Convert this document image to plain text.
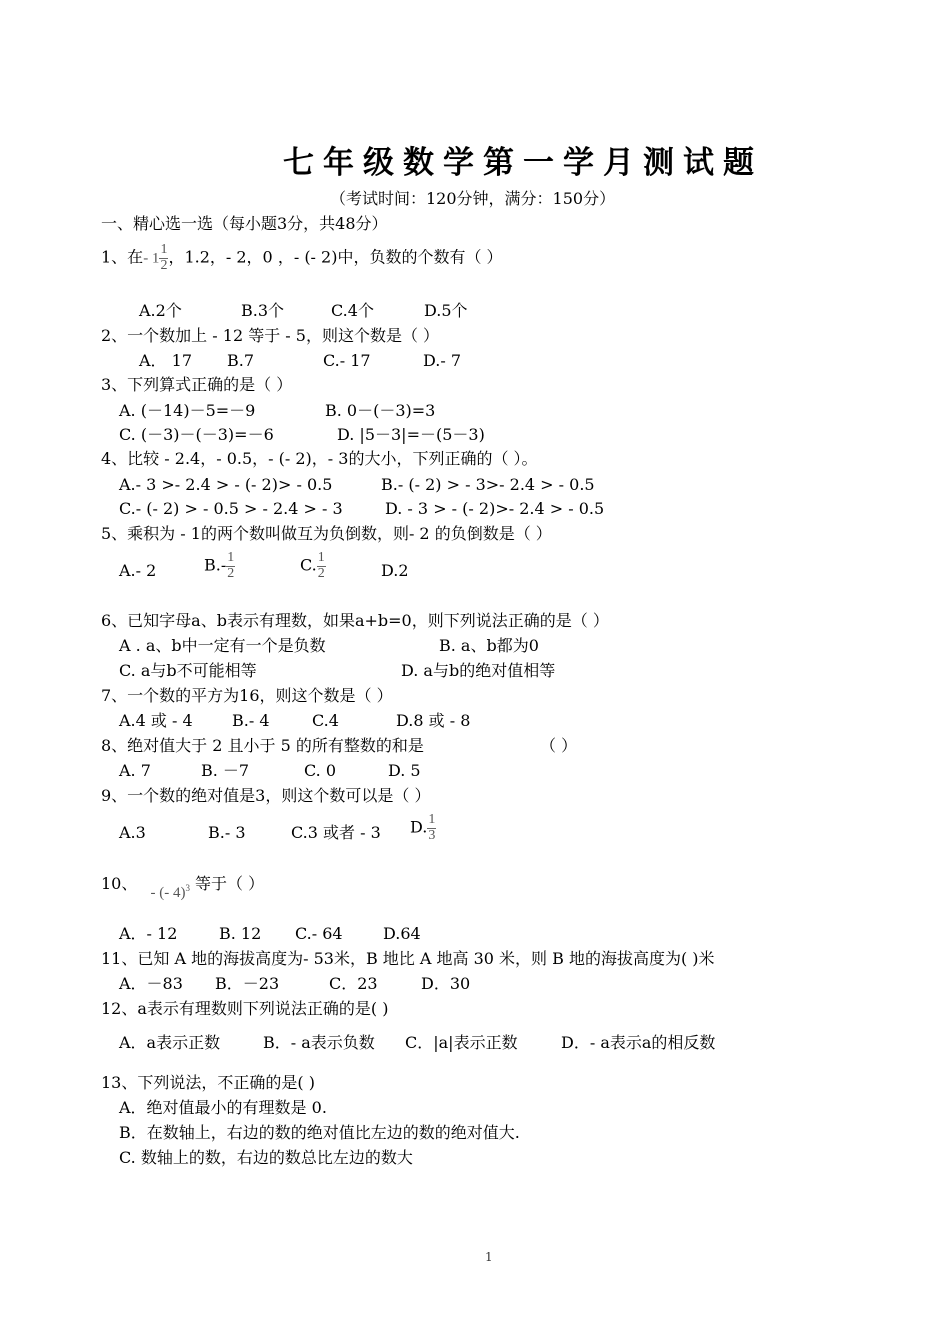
七年级数学第一学月测试题
（考试时间：120分钟，满分：150分）
一、精心选一选（每小题3分，共48分）
1、在- $1 \frac{1}{2}$ ，1.2，- 2，0 ，- (- 2)中，负数的个数有（ ）
A.2个	B.3个	C.4个	D.5个
2、一个数加上 - 12 等于 - 5，则这个数是（ ）
A． 17 B.7	C.- 17	D.- 7
3、下列算式正确的是（ ）
A. (－14)－5=－9	B. 0－(－3)=3
C. (－3)－(－3)=－6	D. |5－3|=－(5－3)
4、比较 - 2.4，- 0.5，- (- 2)，- 3的大小，下列正确的（ ）。
A.- 3 >- 2.4 > - (- 2)> - 0.5	B.- (- 2) > - 3>- 2.4 > - 0.5
C.- (- 2) > - 0.5 > - 2.4 > - 3	D. - 3 > - (- 2)>- 2.4 > - 0.5
5、乘积为 - 1的两个数叫做互为负倒数，则- 2 的负倒数是（ ）
A.- 2	$B.- \frac{1}{2}$	C. $\frac{1}{2}$	D.2
6、已知字母a、b表示有理数，如果a+b=0，则下列说法正确的是（ ）
A . a、b中一定有一个是负数	B. a、b都为0
C. a与b不可能相等	D. a与b的绝对值相等
7、一个数的平方为16，则这个数是（ ）
A.4 或 - 4 B.- 4	C.4	D.8 或 - 8
8、绝对值大于 2 且小于 5 的所有整数的和是	（ ）
A. 7	B. －7	C. 0	D. 5
9、一个数的绝对值是3，则这个数可以是（ ）
A.3	B.- 3	C.3 或者 - 3 D. $\frac{1}{3}$
10、 - (- 4)$^3$ 等于（ ）
A．- 12	B. 12 C.- 64	D.64
11、已知 A 地的海拔高度为- 53米，B 地比 A 地高 30 米，则 B 地的海拔高度为( )米
A．－83 B．－23	C．23	D．30
12、a表示有理数则下列说法正确的是( )
A．a表示正数	B．- a表示负数 C．|a|表示正数	D．- a表示a的相反数
13、下列说法，不正确的是( )
A．绝对值最小的有理数是 0.
B．在数轴上，右边的数的绝对值比左边的数的绝对值大.
C. 数轴上的数，右边的数总比左边的数大
1
